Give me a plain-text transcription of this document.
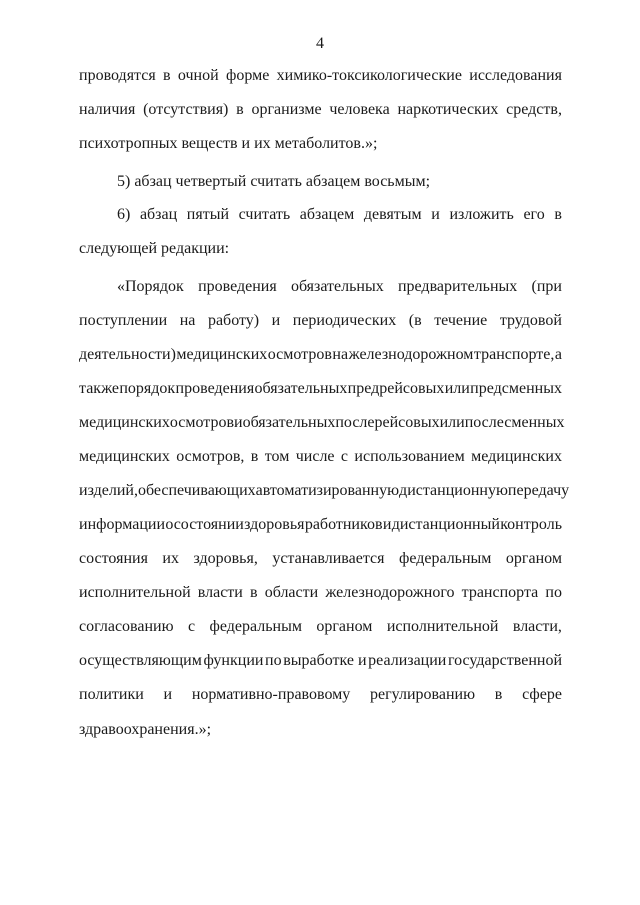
4
проводятся в очной форме химико-токсикологические исследования
наличия (отсутствия) в организме человека наркотических средств,
психотропных веществ и их метаболитов.»;
5) абзац четвертый считать абзацем восьмым;
6) абзац пятый считать абзацем девятым и изложить его в
следующей редакции:
«Порядок проведения обязательных предварительных (при
поступлении на работу) и периодических (в течение трудовой
деятельности) медицинских осмотров на железнодорожном транспорте, а
также порядок проведения обязательных предрейсовых или предсменных
медицинских осмотров и обязательных послерейсовых или послесменных
медицинских осмотров, в том числе с использованием медицинских
изделий, обеспечивающих автоматизированную дистанционную передачу
информации о состоянии здоровья работников и дистанционный контроль
состояния их здоровья, устанавливается федеральным органом
исполнительной власти в области железнодорожного транспорта по
согласованию с федеральным органом исполнительной власти,
осуществляющим функции по выработке и реализации государственной
политики и нормативно-правовому регулированию в сфере
здравоохранения.»;
